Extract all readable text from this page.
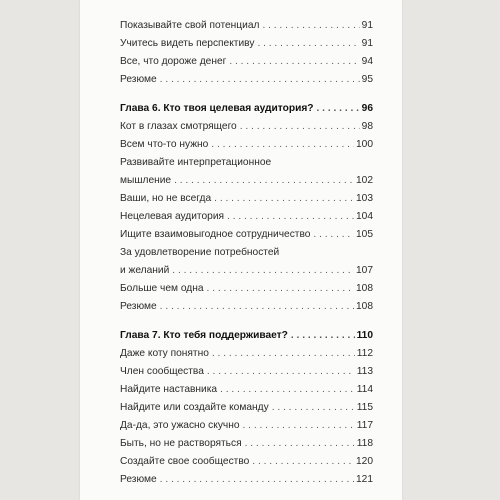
Показывайте свой потенциал . . .	91
Учитесь видеть перспективу . . .	91
Все, что дороже денег . . .	94
Резюме . . .	95
Глава 6. Кто твоя целевая аудитория? . . .	96
Кот в глазах смотрящего . . .	98
Всем что-то нужно . . .	100
Развивайте интерпретационное
мышление . . .	102
Ваши, но не всегда . . .	103
Нецелевая аудитория . . .	104
Ищите взаимовыгодное сотрудничество . . .	105
За удовлетворение потребностей
и желаний . . .	107
Больше чем одна . . .	108
Резюме . . .	108
Глава 7. Кто тебя поддерживает? . . .	110
Даже коту понятно . . .	112
Член сообщества . . .	113
Найдите наставника . . .	114
Найдите или создайте команду . . .	115
Да-да, это ужасно скучно . . .	117
Быть, но не растворяться . . .	118
Создайте свое сообщество . . .	120
Резюме . . .	121
